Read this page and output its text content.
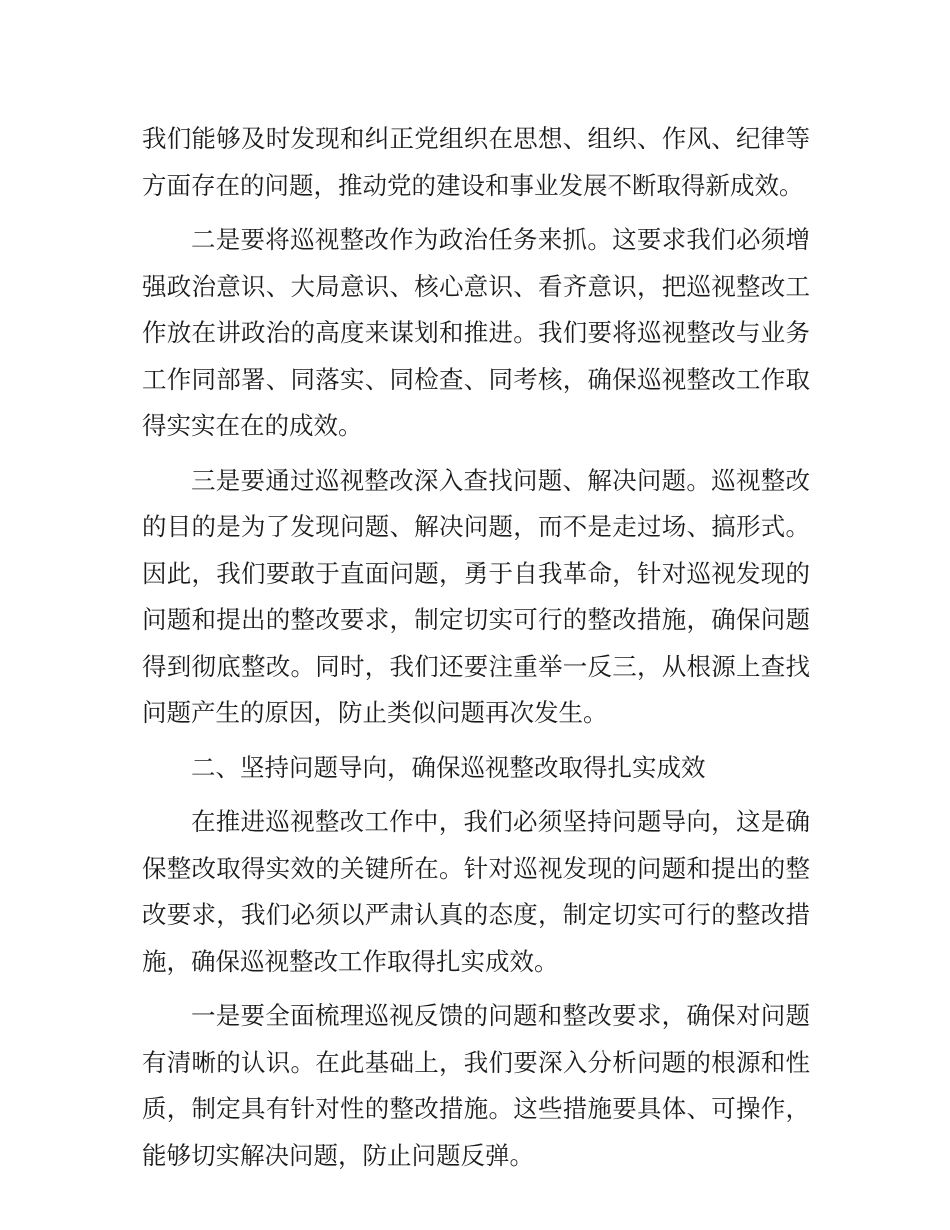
我们能够及时发现和纠正党组织在思想、组织、作风、纪律等方面存在的问题，推动党的建设和事业发展不断取得新成效。

二是要将巡视整改作为政治任务来抓。这要求我们必须增强政治意识、大局意识、核心意识、看齐意识，把巡视整改工作放在讲政治的高度来谋划和推进。我们要将巡视整改与业务工作同部署、同落实、同检查、同考核，确保巡视整改工作取得实实在在的成效。

三是要通过巡视整改深入查找问题、解决问题。巡视整改的目的是为了发现问题、解决问题，而不是走过场、搞形式。因此，我们要敢于直面问题，勇于自我革命，针对巡视发现的问题和提出的整改要求，制定切实可行的整改措施，确保问题得到彻底整改。同时，我们还要注重举一反三，从根源上查找问题产生的原因，防止类似问题再次发生。

二、坚持问题导向，确保巡视整改取得扎实成效

在推进巡视整改工作中，我们必须坚持问题导向，这是确保整改取得实效的关键所在。针对巡视发现的问题和提出的整改要求，我们必须以严肃认真的态度，制定切实可行的整改措施，确保巡视整改工作取得扎实成效。

一是要全面梳理巡视反馈的问题和整改要求，确保对问题有清晰的认识。在此基础上，我们要深入分析问题的根源和性质，制定具有针对性的整改措施。这些措施要具体、可操作，能够切实解决问题，防止问题反弹。
